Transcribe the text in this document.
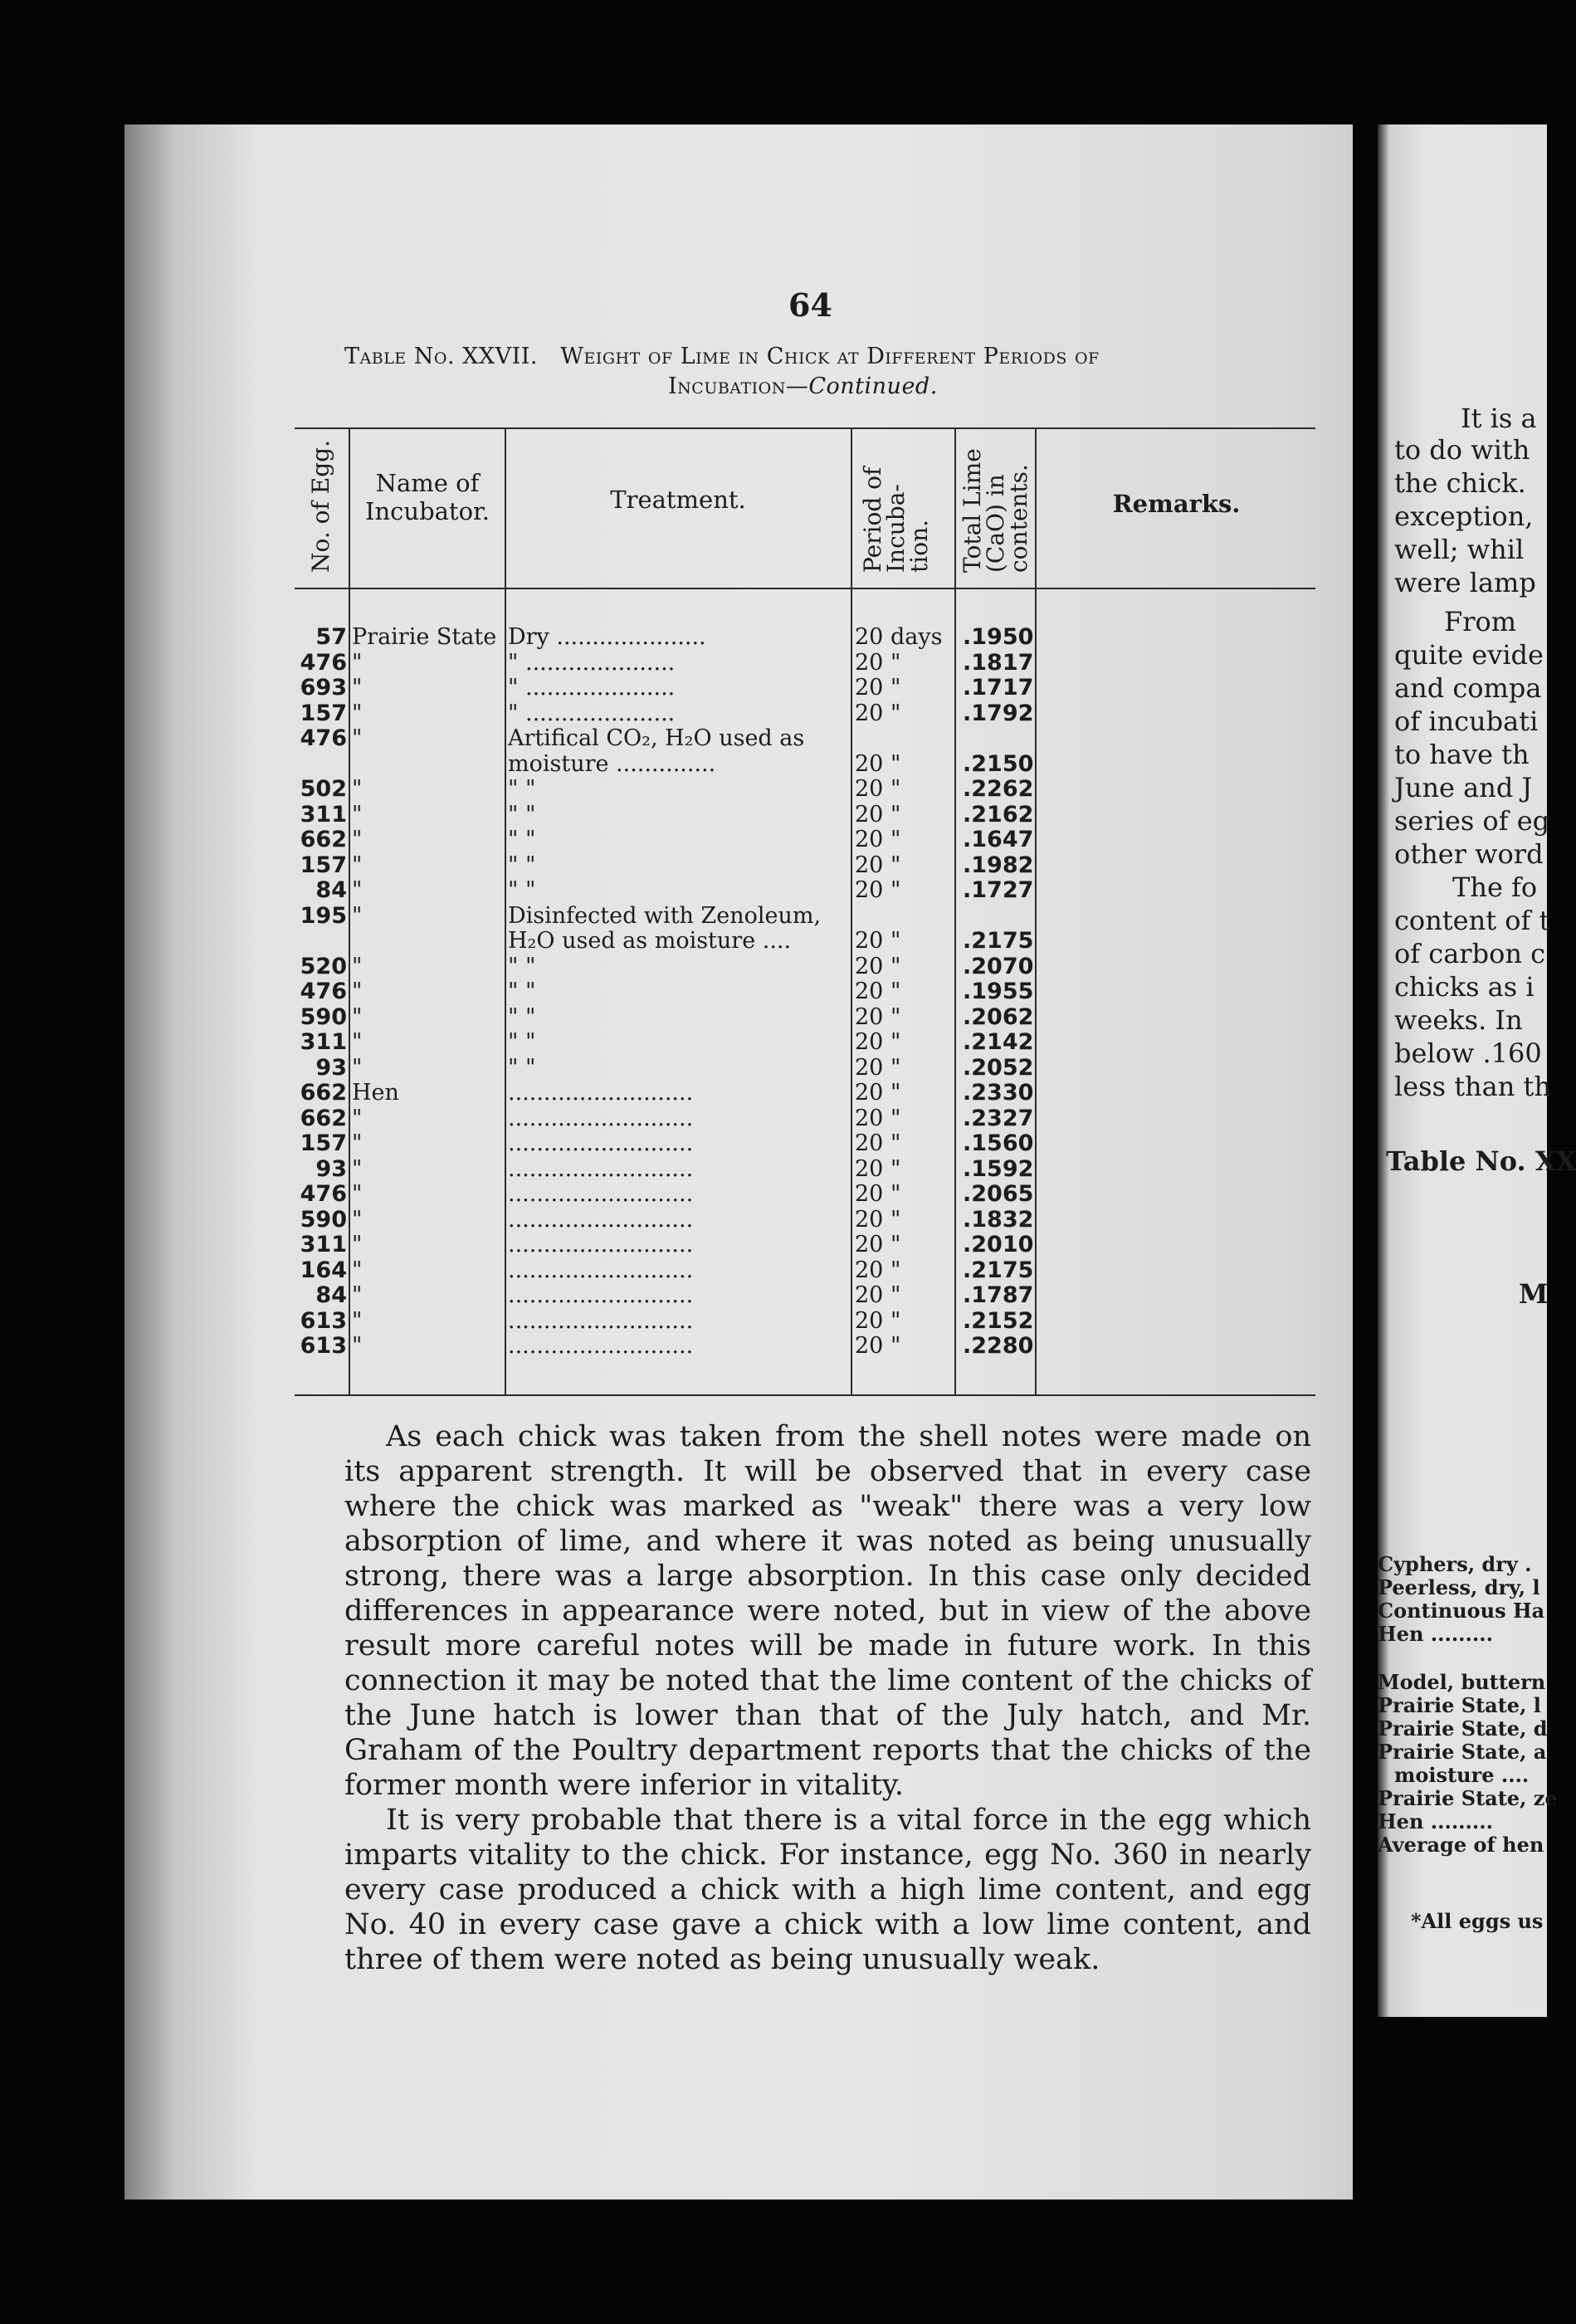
64
Table No. XXVII. Weight of Lime in Chick at Different Periods of
Incubation—Continued.
No. of Egg.	Name of Incubator.	Treatment.	Period of Incuba- tion. Total Lime (CaO) in contents.	Remarks.
57 Prairie State Dry .....................	20 days .1950
476 "	" .....................	20 "	.1817
693 "	" .....................	20 "	.1717
157 "	" .....................	20 "	.1792
476 "	Artifical CO₂, H₂O used as
moisture ..............	20 "	.2150
502 "	" "	20 "	.2262
311 "	" "	20 "	.2162
662 "	" "	20 "	.1647
157 "	" "	20 "	.1982
84 "	" "	20 "	.1727
195 "	Disinfected with Zenoleum,
H₂O used as moisture ....	20 "	.2175
520 "	" "	20 "	.2070
476 "	" "	20 "	.1955
590 "	" "	20 "	.2062
311 "	" "	20 "	.2142
93 "	" "	20 "	.2052
662 Hen	..........................	20 "	.2330
662 "	..........................	20 "	.2327
157 "	..........................	20 "	.1560
93 "	..........................	20 "	.1592
476 "	..........................	20 "	.2065
590 "	..........................	20 "	.1832
311 "	..........................	20 "	.2010
164 "	..........................	20 "	.2175
84 "	..........................	20 "	.1787
613 "	..........................	20 "	.2152
613 "	..........................	20 "	.2280

As each chick was taken from the shell notes were made on its apparent strength. It will be observed that in every case where the chick was marked as "weak" there was a very low absorption of lime, and where it was noted as being unusually strong, there was a large absorption. In this case only decided differences in appearance were noted, but in view of the above result more careful notes will be made in future work. In this connection it may be noted that the lime content of the chicks of the June hatch is lower than that of the July hatch, and Mr. Graham of the Poultry department reports that the chicks of the former month were inferior in vitality.

It is very probable that there is a vital force in the egg which imparts vitality to the chick. For instance, egg No. 360 in nearly every case produced a chick with a high lime content, and egg No. 40 in every case gave a chick with a low lime content, and three of them were noted as being unusually weak.

It is a
to do with
the chick.
exception,
well; whil
were lamp
From
quite evide
and compa
of incubati
to have th
June and J
series of eg
other word
The fo
content of t
of carbon c
chicks as i
weeks. In
below .160
less than th
Table No. XX
M
Cyphers, dry .
Peerless, dry, l
Continuous Ha
Hen .........
Model, buttern
Prairie State, l
Prairie State, d
Prairie State, a
moisture ....
Prairie State, ze
Hen .........
Average of hen
*All eggs us
